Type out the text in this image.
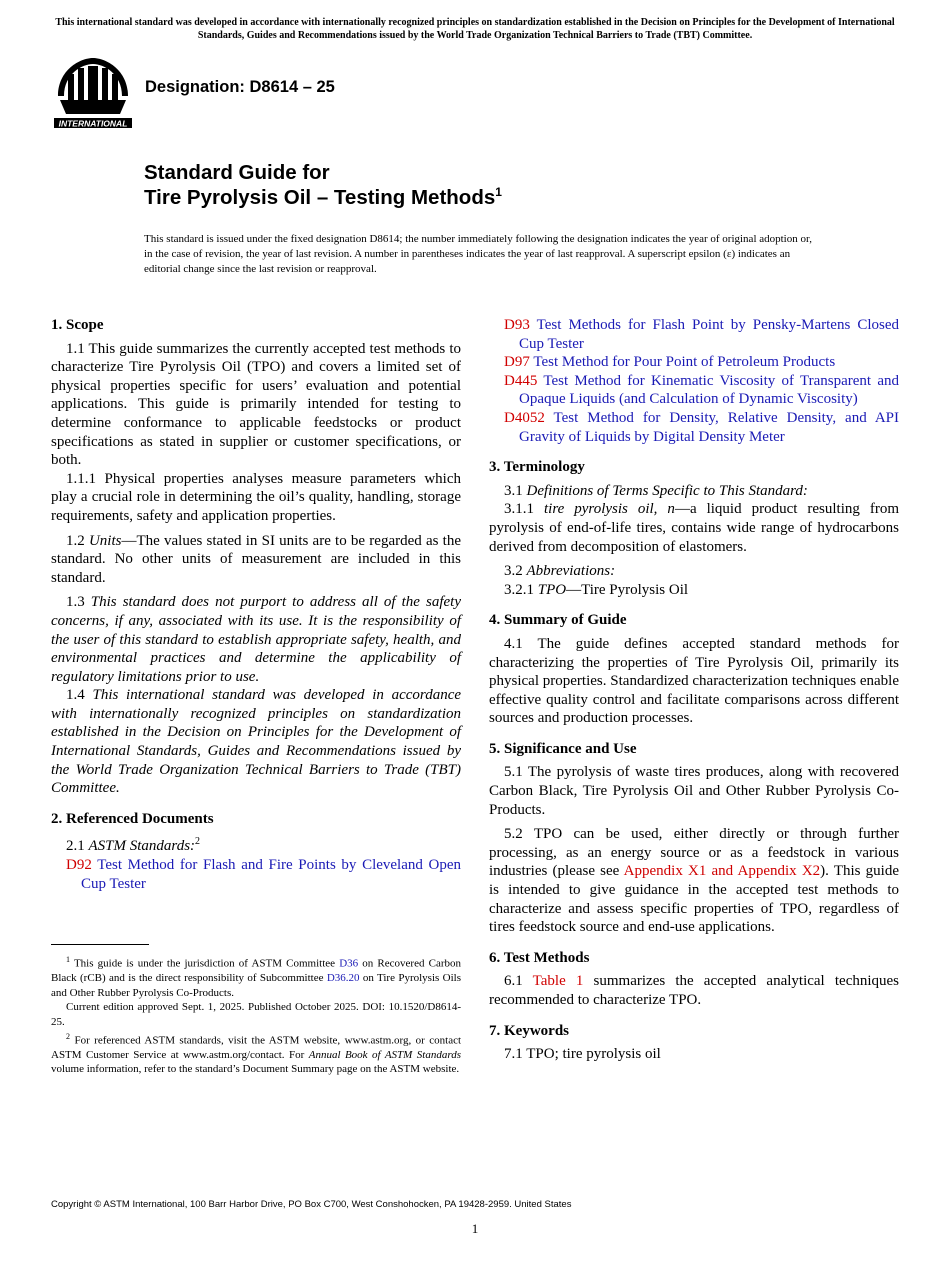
This international standard was developed in accordance with internationally recognized principles on standardization established in the Decision on Principles for the Development of International Standards, Guides and Recommendations issued by the World Trade Organization Technical Barriers to Trade (TBT) Committee.
INTERNATIONAL
Designation: D8614 – 25
Standard Guide for
Tire Pyrolysis Oil – Testing Methods$^1$
This standard is issued under the fixed designation D8614; the number immediately following the designation indicates the year of original adoption or, in the case of revision, the year of last revision. A number in parentheses indicates the year of last reapproval. A superscript epsilon (ε) indicates an editorial change since the last revision or reapproval.

1. Scope

1.1 This guide summarizes the currently accepted test methods to characterize Tire Pyrolysis Oil (TPO) and covers a limited set of physical properties specific for users’ evaluation and potential applications. This guide is primarily intended for testing to determine conformance to applicable feedstocks or product specifications as stated in supplier or customer specifications, or both.

1.1.1 Physical properties analyses measure parameters which play a crucial role in determining the oil’s quality, handling, storage requirements, safety and application properties.

1.2 Units—The values stated in SI units are to be regarded as the standard. No other units of measurement are included in this standard.

1.3 This standard does not purport to address all of the safety concerns, if any, associated with its use. It is the responsibility of the user of this standard to establish appropriate safety, health, and environmental practices and determine the applicability of regulatory limitations prior to use.

1.4 This international standard was developed in accordance with internationally recognized principles on standardization established in the Decision on Principles for the Development of International Standards, Guides and Recommendations issued by the World Trade Organization Technical Barriers to Trade (TBT) Committee.

2. Referenced Documents

2.1 ASTM Standards:$^2$

D92 Test Method for Flash and Fire Points by Cleveland Open Cup Tester

$^1$ This guide is under the jurisdiction of ASTM Committee D36 on Recovered Carbon Black (rCB) and is the direct responsibility of Subcommittee D36.20 on Tire Pyrolysis Oils and Other Rubber Pyrolysis Co-Products.

Current edition approved Sept. 1, 2025. Published October 2025. DOI: 10.1520/D8614-25.

$^2$ For referenced ASTM standards, visit the ASTM website, www.astm.org, or contact ASTM Customer Service at www.astm.org/contact. For Annual Book of ASTM Standards volume information, refer to the standard’s Document Summary page on the ASTM website.

D93 Test Methods for Flash Point by Pensky-Martens Closed Cup Tester

D97 Test Method for Pour Point of Petroleum Products

D445 Test Method for Kinematic Viscosity of Transparent and Opaque Liquids (and Calculation of Dynamic Viscosity)

D4052 Test Method for Density, Relative Density, and API Gravity of Liquids by Digital Density Meter

3. Terminology

3.1 Definitions of Terms Specific to This Standard:

3.1.1 tire pyrolysis oil, n—a liquid product resulting from pyrolysis of end-of-life tires, contains wide range of hydrocarbons derived from decomposition of elastomers.

3.2 Abbreviations:

3.2.1 TPO—Tire Pyrolysis Oil

4. Summary of Guide

4.1 The guide defines accepted standard methods for characterizing the properties of Tire Pyrolysis Oil, primarily its physical properties. Standardized characterization techniques enable effective quality control and facilitate comparisons across different sources and production processes.

5. Significance and Use

5.1 The pyrolysis of waste tires produces, along with recovered Carbon Black, Tire Pyrolysis Oil and Other Rubber Pyrolysis Co-Products.

5.2 TPO can be used, either directly or through further processing, as an energy source or as a feedstock in various industries (please see Appendix X1 and Appendix X2). This guide is intended to give guidance in the accepted test methods to characterize and assess specific properties of TPO, regardless of tires feedstock source and end-use applications.

6. Test Methods

6.1 Table 1 summarizes the accepted analytical techniques recommended to characterize TPO.

7. Keywords

7.1 TPO; tire pyrolysis oil

Copyright © ASTM International, 100 Barr Harbor Drive, PO Box C700, West Conshohocken, PA 19428-2959. United States
1
